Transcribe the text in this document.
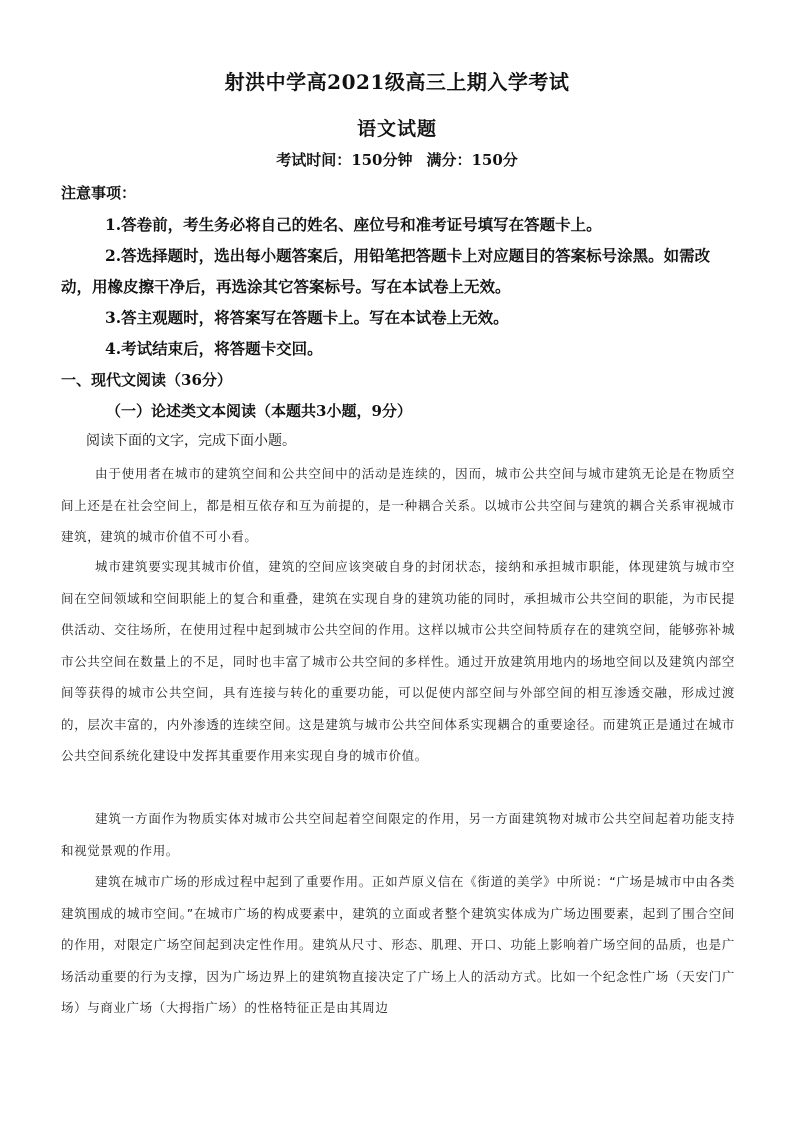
射洪中学高2021级高三上期入学考试
语文试题
考试时间：150分钟 满分：150分
注意事项：
1.答卷前，考生务必将自己的姓名、座位号和准考证号填写在答题卡上。
2.答选择题时，选出每小题答案后，用铅笔把答题卡上对应题目的答案标号涂黑。如需改动，用橡皮擦干净后，再选涂其它答案标号。写在本试卷上无效。
3.答主观题时，将答案写在答题卡上。写在本试卷上无效。
4.考试结束后，将答题卡交回。
一、现代文阅读（36分）
（一）论述类文本阅读（本题共3小题，9分）
阅读下面的文字，完成下面小题。
由于使用者在城市的建筑空间和公共空间中的活动是连续的，因而，城市公共空间与城市建筑无论是在物质空间上还是在社会空间上，都是相互依存和互为前提的，是一种耦合关系。以城市公共空间与建筑的耦合关系审视城市建筑，建筑的城市价值不可小看。
城市建筑要实现其城市价值，建筑的空间应该突破自身的封闭状态，接纳和承担城市职能，体现建筑与城市空间在空间领域和空间职能上的复合和重叠，建筑在实现自身的建筑功能的同时，承担城市公共空间的职能，为市民提供活动、交往场所，在使用过程中起到城市公共空间的作用。这样以城市公共空间特质存在的建筑空间，能够弥补城市公共空间在数量上的不足，同时也丰富了城市公共空间的多样性。通过开放建筑用地内的场地空间以及建筑内部空间等获得的城市公共空间，具有连接与转化的重要功能，可以促使内部空间与外部空间的相互渗透交融，形成过渡的，层次丰富的，内外渗透的连续空间。这是建筑与城市公共空间体系实现耦合的重要途径。而建筑正是通过在城市公共空间系统化建设中发挥其重要作用来实现自身的城市价值。
建筑一方面作为物质实体对城市公共空间起着空间限定的作用，另一方面建筑物对城市公共空间起着功能支持和视觉景观的作用。
建筑在城市广场的形成过程中起到了重要作用。正如芦原义信在《街道的美学》中所说：“广场是城市中由各类建筑围成的城市空间。”在城市广场的构成要素中，建筑的立面或者整个建筑实体成为广场边围要素，起到了围合空间的作用，对限定广场空间起到决定性作用。建筑从尺寸、形态、肌理、开口、功能上影响着广场空间的品质，也是广场活动重要的行为支撑，因为广场边界上的建筑物直接决定了广场上人的活动方式。比如一个纪念性广场（天安门广场）与商业广场（大拇指广场）的性格特征正是由其周边
